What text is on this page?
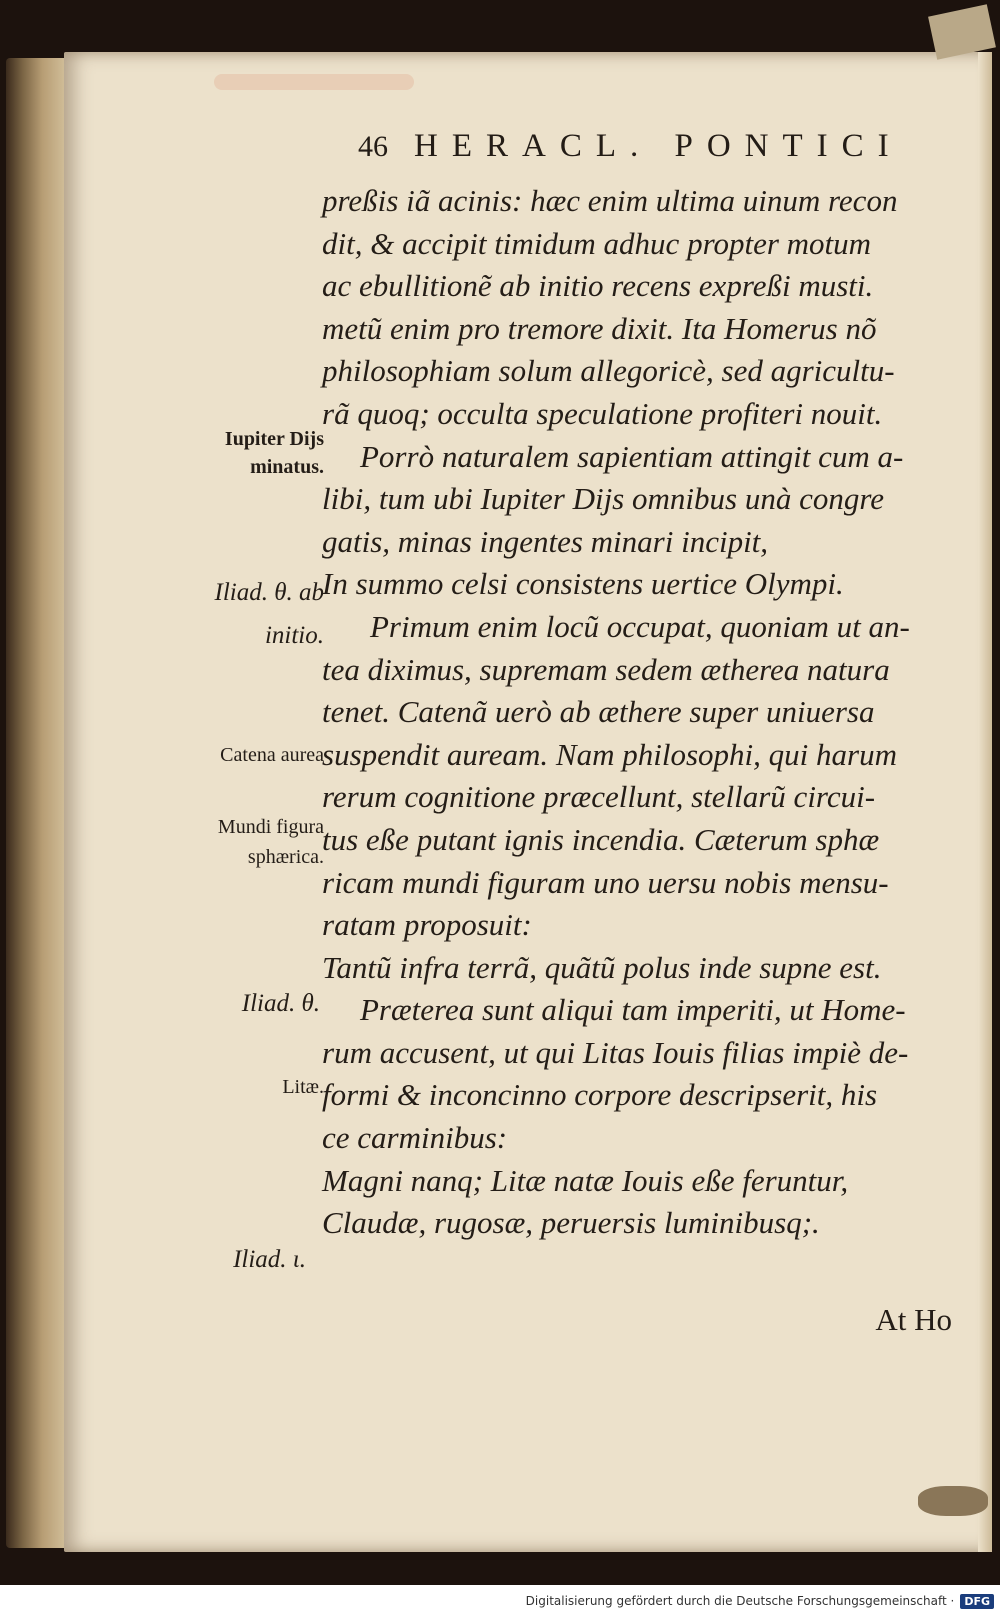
46 HERACL. PONTICI
preßis iã acinis: hæc enim ultima uinum recon
dit, & accipit timidum adhuc propter motum
ac ebullitionẽ ab initio recens expreßi musti.
metũ enim pro tremore dixit. Ita Homerus nõ
philosophiam solum allegoricè, sed agricultu-
rã quoq; occulta speculatione profiteri nouit.
Porrò naturalem sapientiam attingit cum a-
libi, tum ubi Iupiter Dijs omnibus unà congre
gatis, minas ingentes minari incipit,
In summo celsi consistens uertice Olympi.
Primum enim locũ occupat, quoniam ut an-
tea diximus, supremam sedem ætherea natura
tenet. Catenã uerò ab æthere super uniuersa
suspendit auream. Nam philosophi, qui harum
rerum cognitione præcellunt, stellarũ circui-
tus eße putant ignis incendia. Cæterum sphæ
ricam mundi figuram uno uersu nobis mensu-
ratam proposuit:
Tantũ infra terrã, quãtũ polus inde supne est.
Præterea sunt aliqui tam imperiti, ut Home-
rum accusent, ut qui Litas Iouis filias impiè de-
formi & inconcinno corpore descripserit, his
ce carminibus:
Magni nanq; Litæ natæ Iouis eße feruntur,
Claudæ, rugosæ, peruersis luminibusq;.
At Ho
Iupiter Dijs
minatus.
Iliad. θ. ab
initio.
Catena aurea
Mundi figura
sphærica.
Iliad. θ.
Litæ.
Iliad. ι.
Digitalisierung gefördert durch die Deutsche Forschungsgemeinschaft · DFG
